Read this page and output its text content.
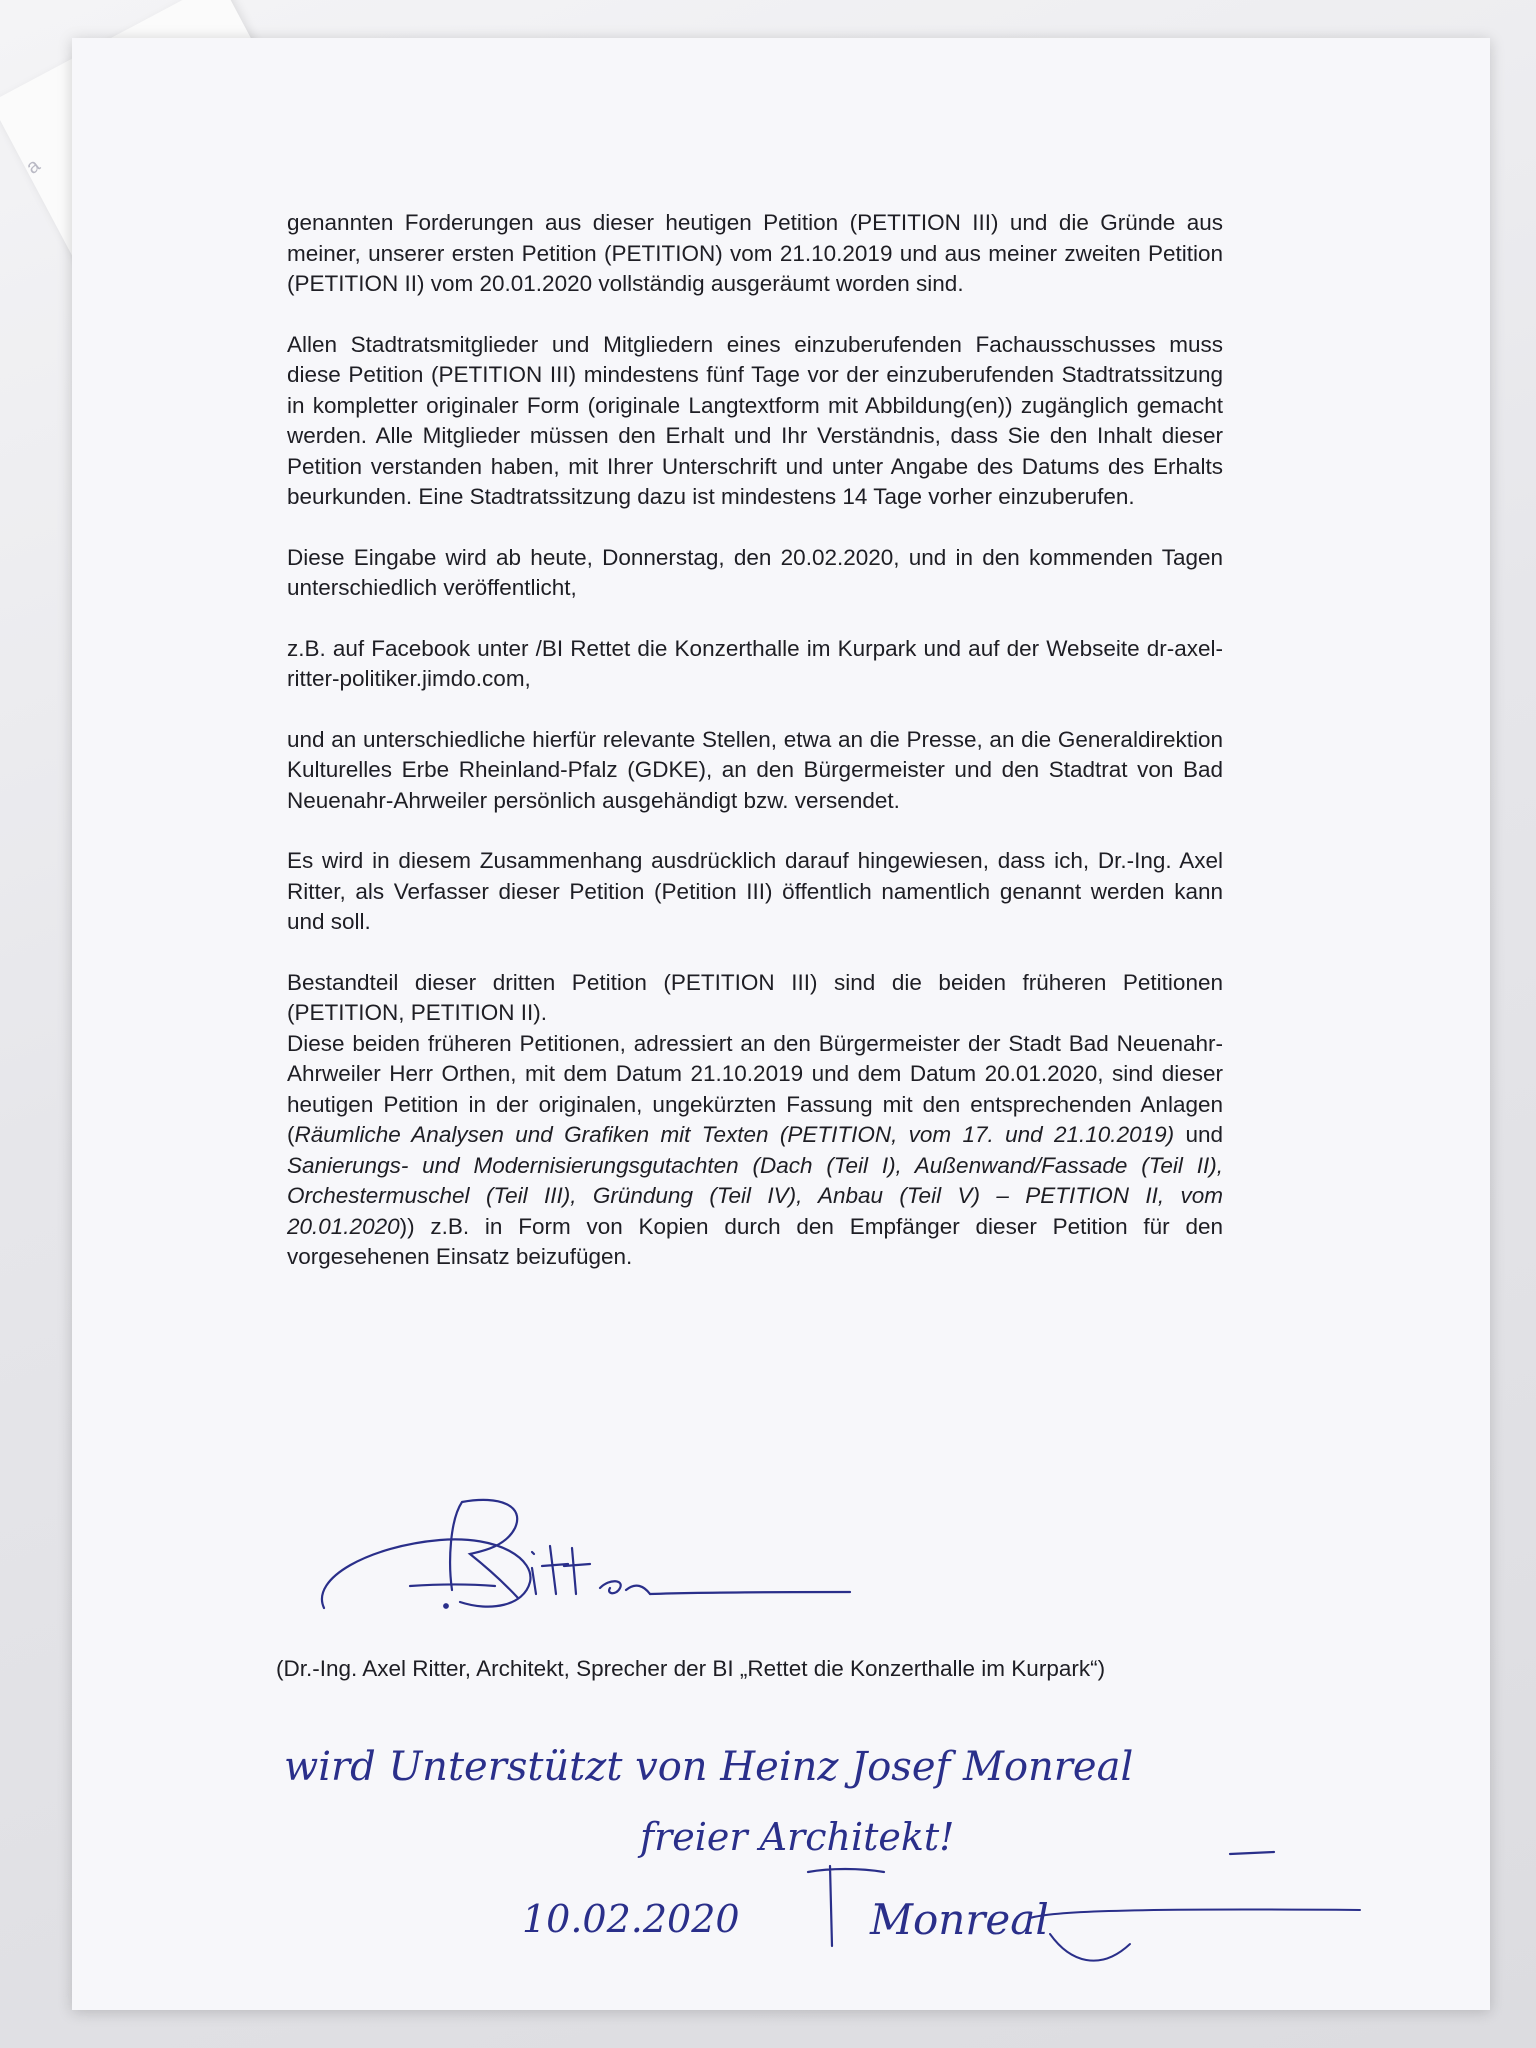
a

genannten Forderungen aus dieser heutigen Petition (PETITION III) und die Gründe aus meiner, unserer ersten Petition (PETITION) vom 21.10.2019 und aus meiner zweiten Petition (PETITION II) vom 20.01.2020 vollständig ausgeräumt worden sind.

Allen Stadtratsmitglieder und Mitgliedern eines einzuberufenden Fachausschusses muss diese Petition (PETITION III) mindestens fünf Tage vor der einzuberufenden Stadtratssitzung in kompletter originaler Form (originale Langtextform mit Abbildung(en)) zugänglich gemacht werden. Alle Mitglieder müssen den Erhalt und Ihr Verständnis, dass Sie den Inhalt dieser Petition verstanden haben, mit Ihrer Unterschrift und unter Angabe des Datums des Erhalts beurkunden. Eine Stadtratssitzung dazu ist mindestens 14 Tage vorher einzuberufen.

Diese Eingabe wird ab heute, Donnerstag, den 20.02.2020, und in den kommenden Tagen unterschiedlich veröffentlicht,

z.B. auf Facebook unter /BI Rettet die Konzerthalle im Kurpark und auf der Webseite dr-axel-ritter-politiker.jimdo.com,

und an unterschiedliche hierfür relevante Stellen, etwa an die Presse, an die Generaldirektion Kulturelles Erbe Rheinland-Pfalz (GDKE), an den Bürgermeister und den Stadtrat von Bad Neuenahr-Ahrweiler persönlich ausgehändigt bzw. versendet.

Es wird in diesem Zusammenhang ausdrücklich darauf hingewiesen, dass ich, Dr.-Ing. Axel Ritter, als Verfasser dieser Petition (Petition III) öffentlich namentlich genannt werden kann und soll.

Bestandteil dieser dritten Petition (PETITION III) sind die beiden früheren Petitionen (PETITION, PETITION II).

Diese beiden früheren Petitionen, adressiert an den Bürgermeister der Stadt Bad Neuenahr-Ahrweiler Herr Orthen, mit dem Datum 21.10.2019 und dem Datum 20.01.2020, sind dieser heutigen Petition in der originalen, ungekürzten Fassung mit den entsprechenden Anlagen (Räumliche Analysen und Grafiken mit Texten (PETITION, vom 17. und 21.10.2019) und Sanierungs- und Modernisierungsgutachten (Dach (Teil I), Außenwand/Fassade (Teil II), Orchestermuschel (Teil III), Gründung (Teil IV), Anbau (Teil V) – PETITION II, vom 20.01.2020)) z.B. in Form von Kopien durch den Empfänger dieser Petition für den vorgesehenen Einsatz beizufügen.

(Dr.-Ing. Axel Ritter, Architekt, Sprecher der BI „Rettet die Konzerthalle im Kurpark“)
wird Unterstützt von Heinz Josef Monreal
freier Architekt!
10.02.2020	Monreal
